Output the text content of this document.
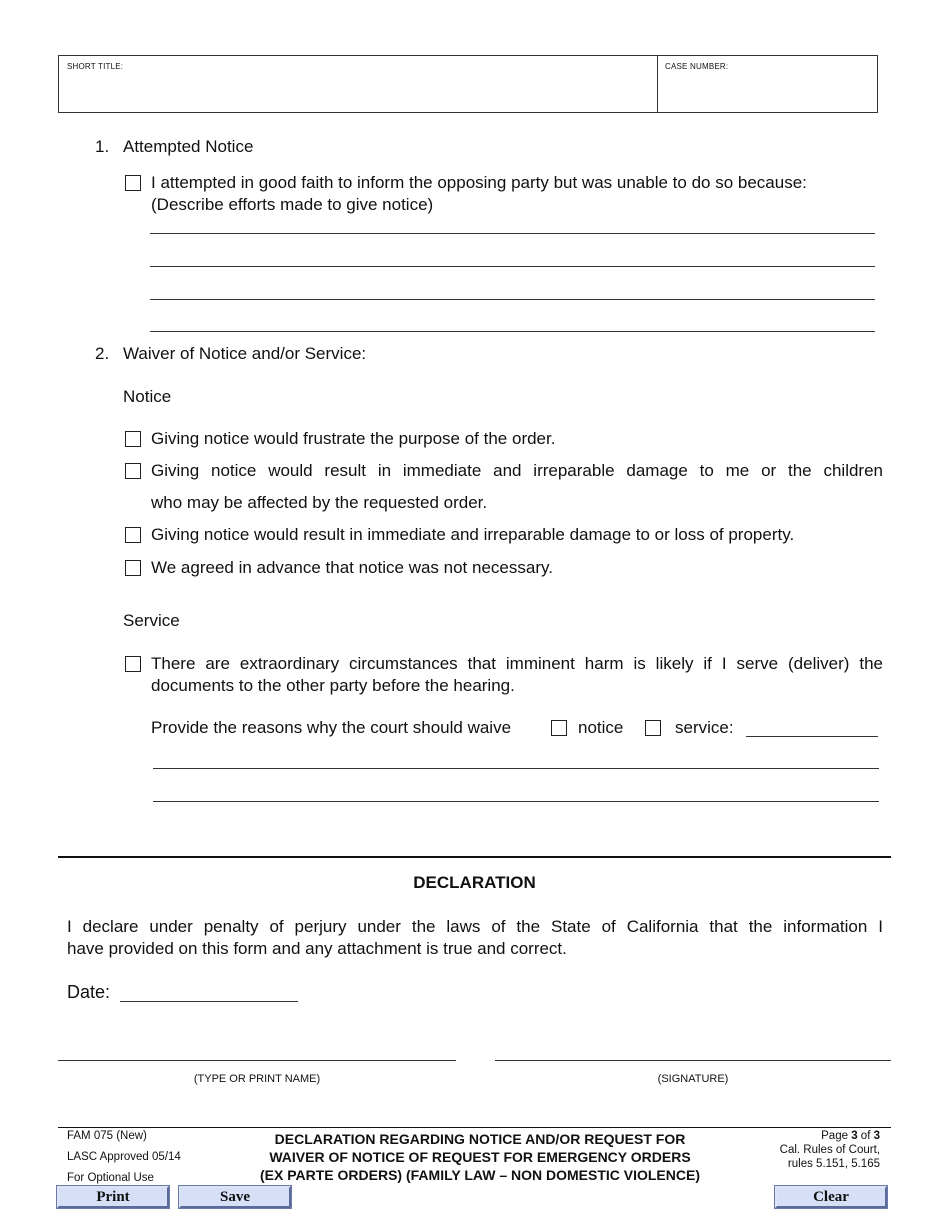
SHORT TITLE:	CASE NUMBER:
1. Attempted Notice
I attempted in good faith to inform the opposing party but was unable to do so because:
(Describe efforts made to give notice)
2. Waiver of Notice and/or Service:
Notice
Giving notice would frustrate the purpose of the order.
Giving notice would result in immediate and irreparable damage to me or the children
who may be affected by the requested order.
Giving notice would result in immediate and irreparable damage to or loss of property.
We agreed in advance that notice was not necessary.
Service
There are extraordinary circumstances that imminent harm is likely if I serve (deliver) the
documents to the other party before the hearing.
Provide the reasons why the court should waive	notice	service:
DECLARATION
I declare under penalty of perjury under the laws of the State of California that the information I
have provided on this form and any attachment is true and correct.
Date:
(TYPE OR PRINT NAME)	(SIGNATURE)
FAM 075 (New)
LASC Approved 05/14
For Optional Use
DECLARATION REGARDING NOTICE AND/OR REQUEST FOR
WAIVER OF NOTICE OF REQUEST FOR EMERGENCY ORDERS
(EX PARTE ORDERS) (FAMILY LAW – NON DOMESTIC VIOLENCE)
Page 3 of 3
Cal. Rules of Court,
rules 5.151, 5.165
Print	Save	Clear
